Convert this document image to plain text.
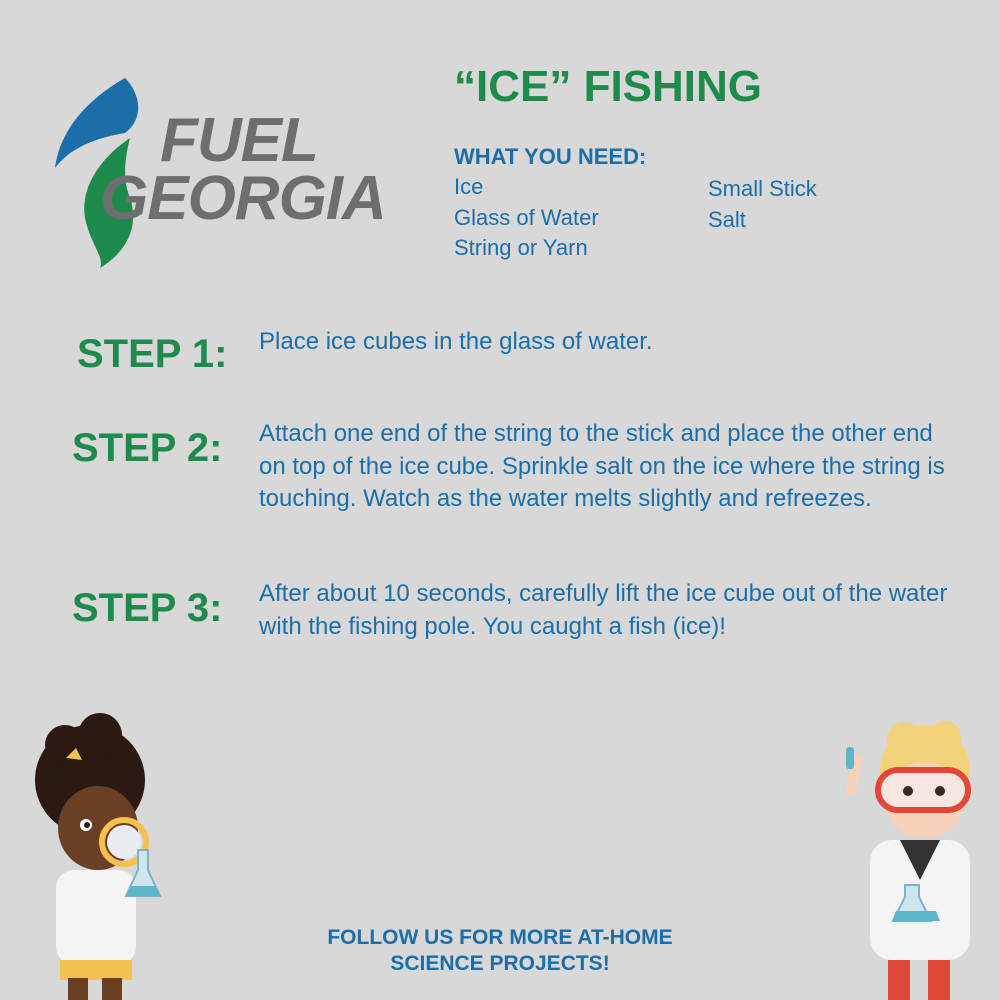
FUEL
GEORGIA
“ICE” FISHING
WHAT YOU NEED:
Ice
Glass of Water
String or Yarn
Small Stick
Salt
STEP 1: Place ice cubes in the glass of water.
STEP 2: Attach one end of the string to the stick and place the other end on top of the ice cube. Sprinkle salt on the ice where the string is touching. Watch as the water melts slightly and refreezes.
STEP 3: After about 10 seconds, carefully lift the ice cube out of the water with the fishing pole. You caught a fish (ice)!
FOLLOW US FOR MORE AT-HOME
SCIENCE PROJECTS!
